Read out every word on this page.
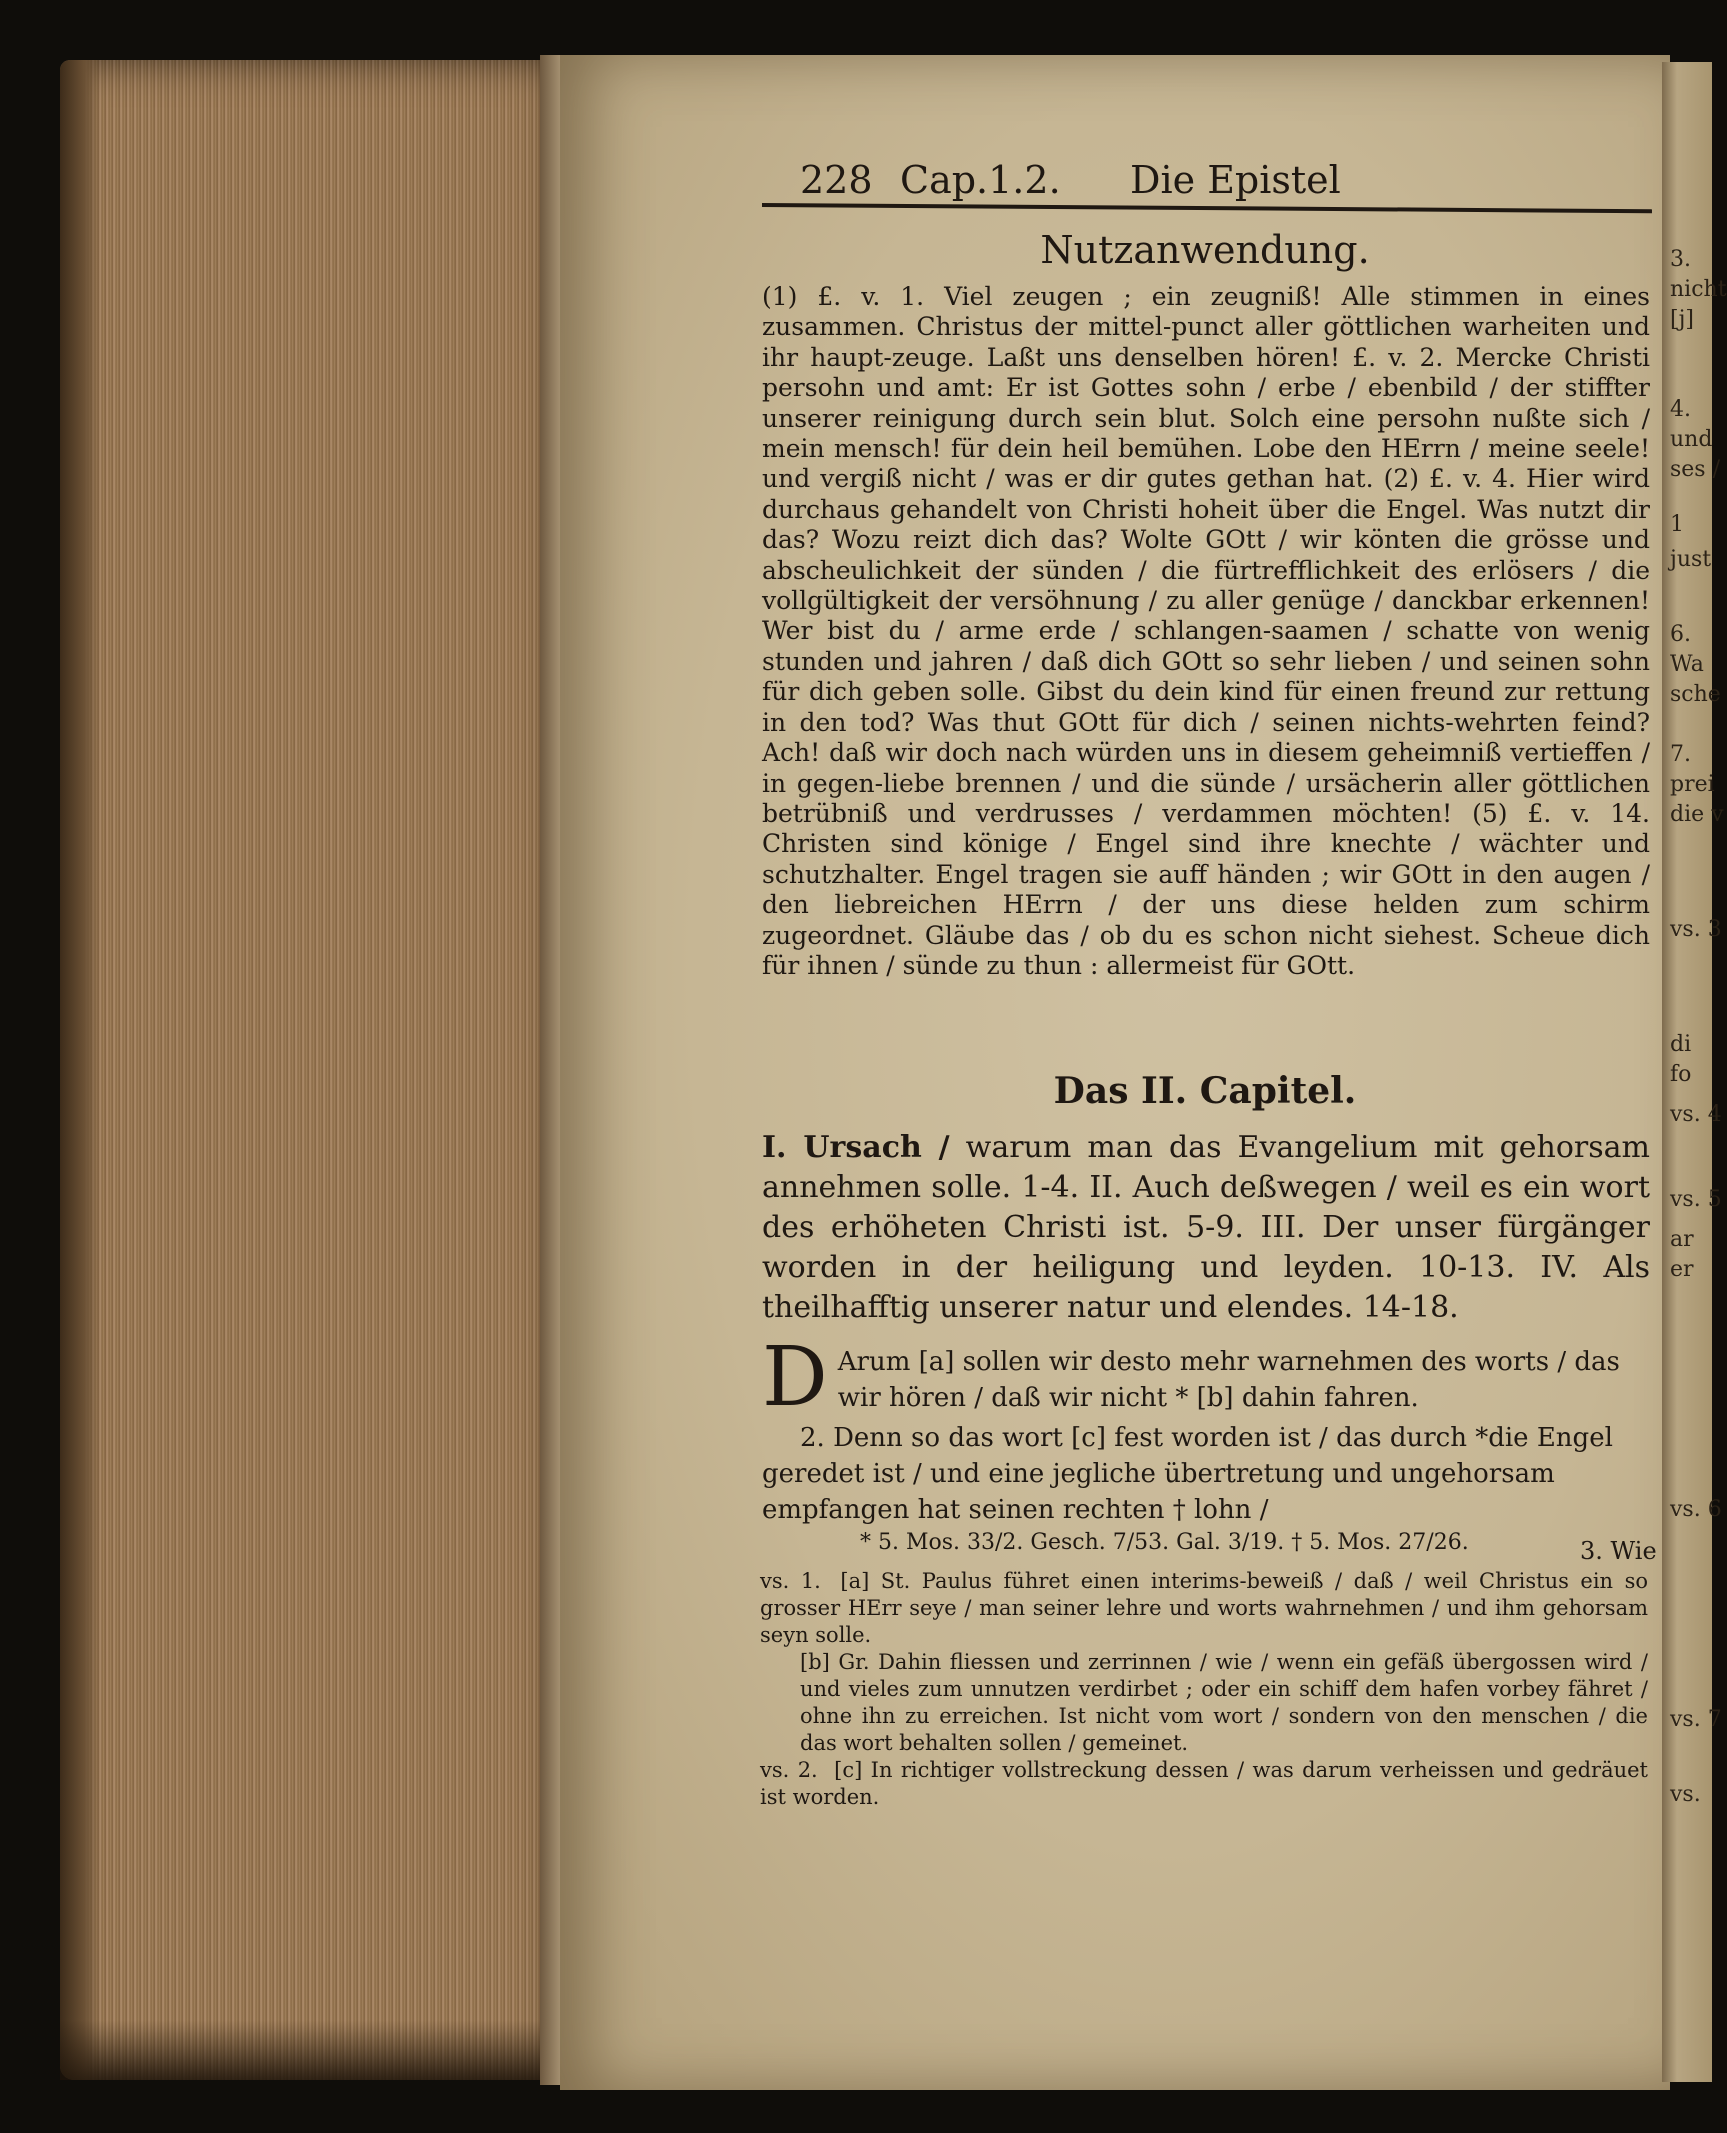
228 Cap.1.2. Die Epistel
Nutzanwendung.

(1) £. v. 1. Viel zeugen ; ein zeugniß! Alle stimmen in eines zusammen. Christus der mittel-punct aller göttlichen warheiten und ihr haupt-zeuge. Laßt uns denselben hören! £. v. 2. Mercke Christi persohn und amt: Er ist Gottes sohn / erbe / ebenbild / der stiffter unserer reinigung durch sein blut. Solch eine persohn nußte sich / mein mensch! für dein heil bemühen. Lobe den HErrn / meine seele! und vergiß nicht / was er dir gutes gethan hat. (2) £. v. 4. Hier wird durchaus gehandelt von Christi hoheit über die Engel. Was nutzt dir das? Wozu reizt dich das? Wolte GOtt / wir könten die grösse und abscheulichkeit der sünden / die fürtrefflichkeit des erlösers / die vollgültigkeit der versöhnung / zu aller genüge / danckbar erkennen! Wer bist du / arme erde / schlangen-saamen / schatte von wenig stunden und jahren / daß dich GOtt so sehr lieben / und seinen sohn für dich geben solle. Gibst du dein kind für einen freund zur rettung in den tod? Was thut GOtt für dich / seinen nichts-wehrten feind? Ach! daß wir doch nach würden uns in diesem geheimniß vertieffen / in gegen-liebe brennen / und die sünde / ursächerin aller göttlichen betrübniß und verdrusses / verdammen möchten! (5) £. v. 14. Christen sind könige / Engel sind ihre knechte / wächter und schutzhalter. Engel tragen sie auff händen ; wir GOtt in den augen / den liebreichen HErrn / der uns diese helden zum schirm zugeordnet. Gläube das / ob du es schon nicht siehest. Scheue dich für ihnen / sünde zu thun : allermeist für GOtt.

Das II. Capitel.

I. Ursach / warum man das Evangelium mit gehorsam annehmen solle. 1-4. II. Auch deßwegen / weil es ein wort des erhöheten Christi ist. 5-9. III. Der unser fürgänger worden in der heiligung und leyden. 10-13. IV. Als theilhafftig unserer natur und elendes. 14-18.

D Arum [a] sollen wir desto mehr warnehmen des worts / das wir hören / daß wir nicht * [b] dahin fahren.

2. Denn so das wort [c] fest worden ist / das durch *die Engel geredet ist / und eine jegliche übertretung und ungehorsam empfangen hat seinen rechten † lohn /

* 5. Mos. 33/2. Gesch. 7/53. Gal. 3/19. † 5. Mos. 27/26.	3. Wie

vs. 1. [a] St. Paulus führet einen interims-beweiß / daß / weil Christus ein so grosser HErr seye / man seiner lehre und worts wahrnehmen / und ihm gehorsam seyn solle.

[b] Gr. Dahin fliessen und zerrinnen / wie / wenn ein gefäß übergossen wird / und vieles zum unnutzen verdirbet ; oder ein schiff dem hafen vorbey fähret / ohne ihn zu erreichen. Ist nicht vom wort / sondern von den menschen / die das wort behalten sollen / gemeinet.

vs. 2. [c] In richtiger vollstreckung dessen / was darum verheissen und gedräuet ist worden.

3.
nicht
[j]
4.
und
ses /
1
just
6.
Wa
sche
7.
prei
die v
vs. 3
di
fo
vs. 4
vs. 5
ar
er
vs. 6
vs. 7
vs.
